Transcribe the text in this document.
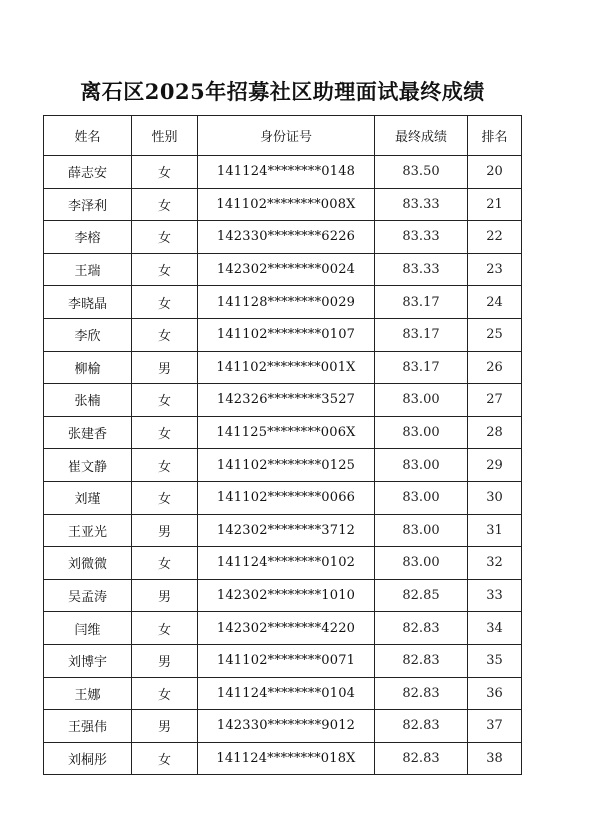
离石区2025年招募社区助理面试最终成绩
姓名	性别	身份证号	最终成绩	排名
薛志安	女	141124********0148	83.50	20
李泽利	女	141102********008X	83.33	21
李榕	女	142330********6226	83.33	22
王瑞	女	142302********0024	83.33	23
李晓晶	女	141128********0029	83.17	24
李欣	女	141102********0107	83.17	25
柳榆	男	141102********001X	83.17	26
张楠	女	142326********3527	83.00	27
张建香	女	141125********006X	83.00	28
崔文静	女	141102********0125	83.00	29
刘瑾	女	141102********0066	83.00	30
王亚光	男	142302********3712	83.00	31
刘微微	女	141124********0102	83.00	32
吴孟涛	男	142302********1010	82.85	33
闫维	女	142302********4220	82.83	34
刘博宇	男	141102********0071	82.83	35
王娜	女	141124********0104	82.83	36
王强伟	男	142330********9012	82.83	37
刘桐彤	女	141124********018X	82.83	38
